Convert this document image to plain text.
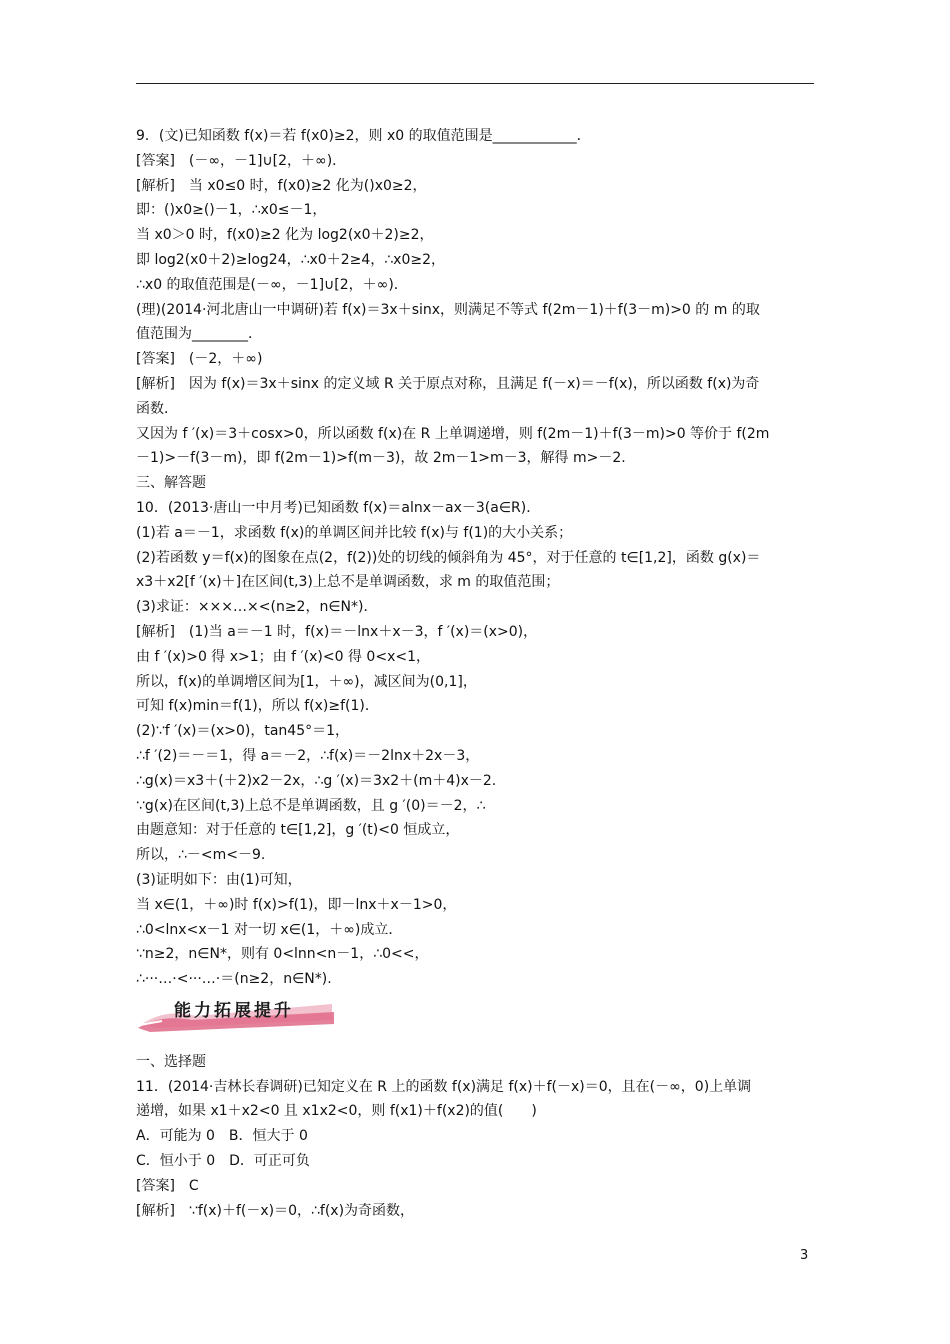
9．(文)已知函数 f(x)＝若 f(x0)≥2，则 x0 的取值范围是____________．
[答案]　(－∞，－1]∪[2，＋∞)．
[解析]　当 x0≤0 时，f(x0)≥2 化为()x0≥2，
即：()x0≥()－1，∴x0≤－1，
当 x0＞0 时，f(x0)≥2 化为 log2(x0＋2)≥2，
即 log2(x0＋2)≥log24，∴x0＋2≥4，∴x0≥2，
∴x0 的取值范围是(－∞，－1]∪[2，＋∞)．
(理)(2014·河北唐山一中调研)若 f(x)＝3x＋sinx，则满足不等式 f(2m－1)＋f(3－m)>0 的 m 的取
值范围为________．
[答案]　(－2，＋∞)
[解析]　因为 f(x)＝3x＋sinx 的定义域 R 关于原点对称，且满足 f(－x)＝－f(x)，所以函数 f(x)为奇
函数．
又因为 f ′(x)＝3＋cosx>0，所以函数 f(x)在 R 上单调递增，则 f(2m－1)＋f(3－m)>0 等价于 f(2m
－1)>－f(3－m)，即 f(2m－1)>f(m－3)，故 2m－1>m－3，解得 m>－2.
三、解答题
10．(2013·唐山一中月考)已知函数 f(x)＝alnx－ax－3(a∈R)．
(1)若 a＝－1，求函数 f(x)的单调区间并比较 f(x)与 f(1)的大小关系；
(2)若函数 y＝f(x)的图象在点(2，f(2))处的切线的倾斜角为 45°，对于任意的 t∈[1,2]，函数 g(x)＝
x3＋x2[f ′(x)＋]在区间(t,3)上总不是单调函数，求 m 的取值范围；
(3)求证：×××…×<(n≥2，n∈N*)．
[解析]　(1)当 a＝－1 时，f(x)＝－lnx＋x－3，f ′(x)＝(x>0)，
由 f ′(x)>0 得 x>1；由 f ′(x)<0 得 0<x<1，
所以，f(x)的单调增区间为[1，＋∞)，减区间为(0,1]，
可知 f(x)min＝f(1)，所以 f(x)≥f(1)．
(2)∵f ′(x)＝(x>0)，tan45°＝1，
∴f ′(2)＝－＝1，得 a＝－2，∴f(x)＝－2lnx＋2x－3，
∴g(x)＝x3＋(＋2)x2－2x，∴g ′(x)＝3x2＋(m＋4)x－2.
∵g(x)在区间(t,3)上总不是单调函数，且 g ′(0)＝－2，∴
由题意知：对于任意的 t∈[1,2]，g ′(t)<0 恒成立，
所以，∴－<m<－9.
(3)证明如下：由(1)可知，
当 x∈(1，＋∞)时 f(x)>f(1)，即－lnx＋x－1>0，
∴0<lnx<x－1 对一切 x∈(1，＋∞)成立．
∵n≥2，n∈N*，则有 0<lnn<n－1，∴0<<，
∴···…·<···…·＝(n≥2，n∈N*).
能力拓展提升
一、选择题
11．(2014·吉林长春调研)已知定义在 R 上的函数 f(x)满足 f(x)＋f(－x)＝0，且在(－∞，0)上单调
递增，如果 x1＋x2<0 且 x1x2<0，则 f(x1)＋f(x2)的值(　　)
A．可能为 0　B．恒大于 0
C．恒小于 0　D．可正可负
[答案]　C
[解析]　∵f(x)＋f(－x)＝0，∴f(x)为奇函数，
3
